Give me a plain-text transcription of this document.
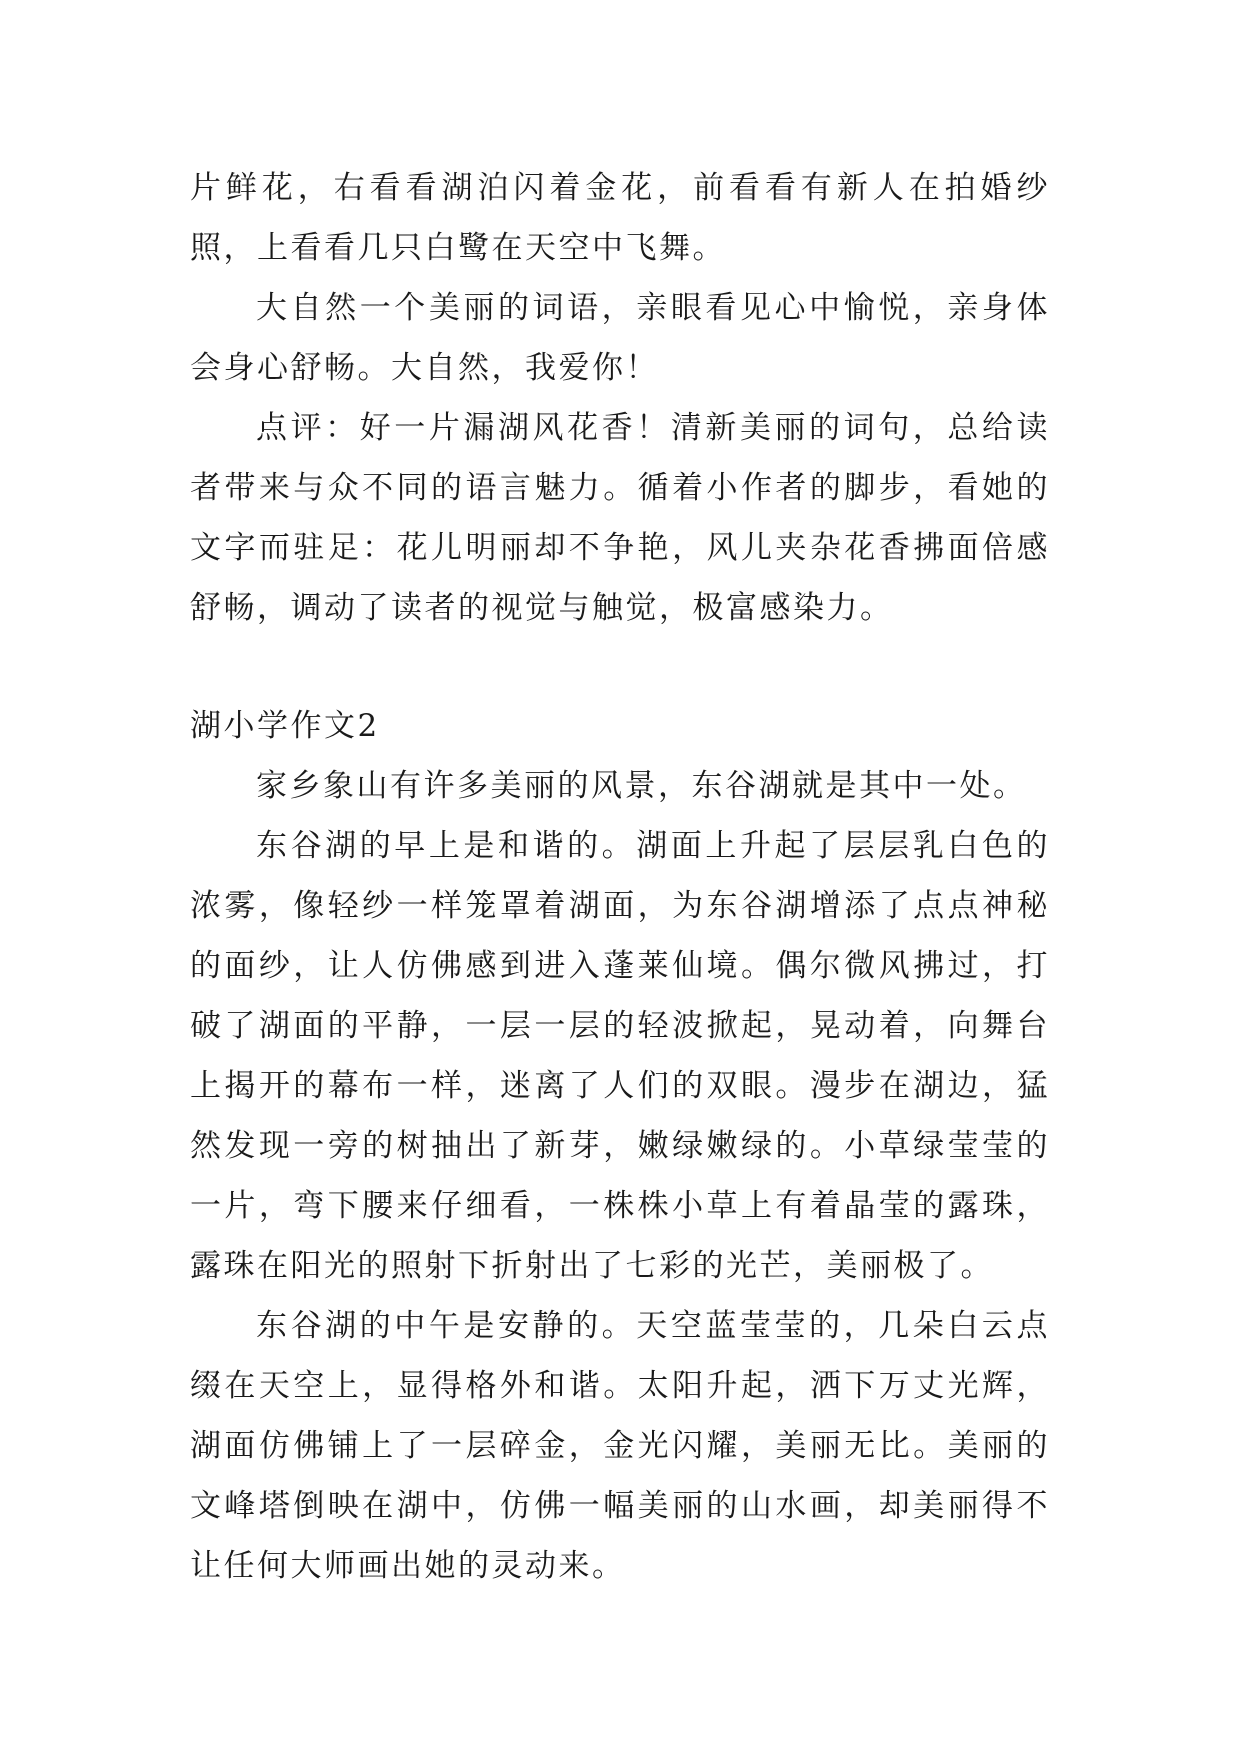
片鲜花，右看看湖泊闪着金花，前看看有新人在拍婚纱照，上看看几只白鹭在天空中飞舞。

大自然一个美丽的词语，亲眼看见心中愉悦，亲身体会身心舒畅。大自然，我爱你！

点评：好一片漏湖风花香！清新美丽的词句，总给读者带来与众不同的语言魅力。循着小作者的脚步，看她的文字而驻足：花儿明丽却不争艳，风儿夹杂花香拂面倍感舒畅，调动了读者的视觉与触觉，极富感染力。

湖小学作文2

家乡象山有许多美丽的风景，东谷湖就是其中一处。

东谷湖的早上是和谐的。湖面上升起了层层乳白色的浓雾，像轻纱一样笼罩着湖面，为东谷湖增添了点点神秘的面纱，让人仿佛感到进入蓬莱仙境。偶尔微风拂过，打破了湖面的平静，一层一层的轻波掀起，晃动着，向舞台上揭开的幕布一样，迷离了人们的双眼。漫步在湖边，猛然发现一旁的树抽出了新芽，嫩绿嫩绿的。小草绿莹莹的一片，弯下腰来仔细看，一株株小草上有着晶莹的露珠，露珠在阳光的照射下折射出了七彩的光芒，美丽极了。

东谷湖的中午是安静的。天空蓝莹莹的，几朵白云点缀在天空上，显得格外和谐。太阳升起，洒下万丈光辉，湖面仿佛铺上了一层碎金，金光闪耀，美丽无比。美丽的文峰塔倒映在湖中，仿佛一幅美丽的山水画，却美丽得不让任何大师画出她的灵动来。
